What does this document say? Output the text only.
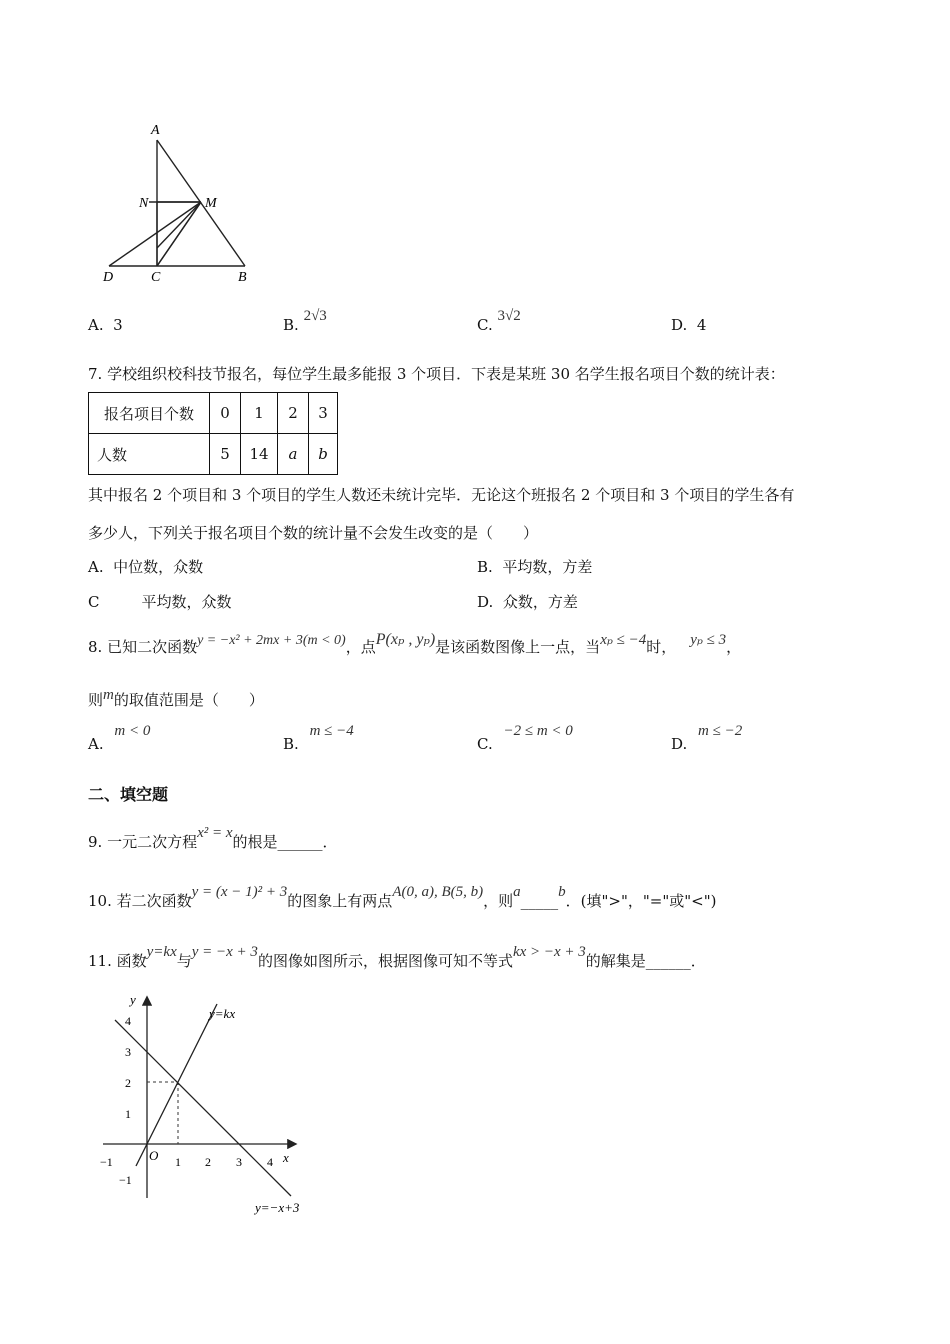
A
N	M
D	C	B
A. 3	B. 2√3	C. 3√2	D. 4
7. 学校组织校科技节报名，每位学生最多能报 3 个项目．下表是某班 30 名学生报名项目个数的统计表：
报名项目个数	0	1	2	3
人数	5	14	a	b
其中报名 2 个项目和 3 个项目的学生人数还未统计完毕．无论这个班报名 2 个项目和 3 个项目的学生各有
多少人，下列关于报名项目个数的统计量不会发生改变的是（　　）
A. 中位数，众数	B. 平均数，方差
C	平均数，众数	D. 众数，方差
8. 已知二次函数y = −x² + 2mx + 3(m < 0)，点P(xₚ , yₚ)是该函数图像上一点，当xₚ ≤ −4时， yₚ ≤ 3，
则m的取值范围是（　　）
A. m < 0
B. m ≤ −4
C. −2 ≤ m < 0
D. m ≤ −2
二、填空题
9. 一元二次方程x² = x的根是______．
10. 若二次函数y = (x − 1)² + 3的图象上有两点A(0, a), B(5, b)，则a_____b．(填">"，"="或"<")
11. 函数y=kx与y = −x + 3的图像如图所示，根据图像可知不等式kx > −x + 3的解集是______．
y
x
O
−1	1 2 3 4
4
3
2
1
−1
y=kx
y=−x+3
